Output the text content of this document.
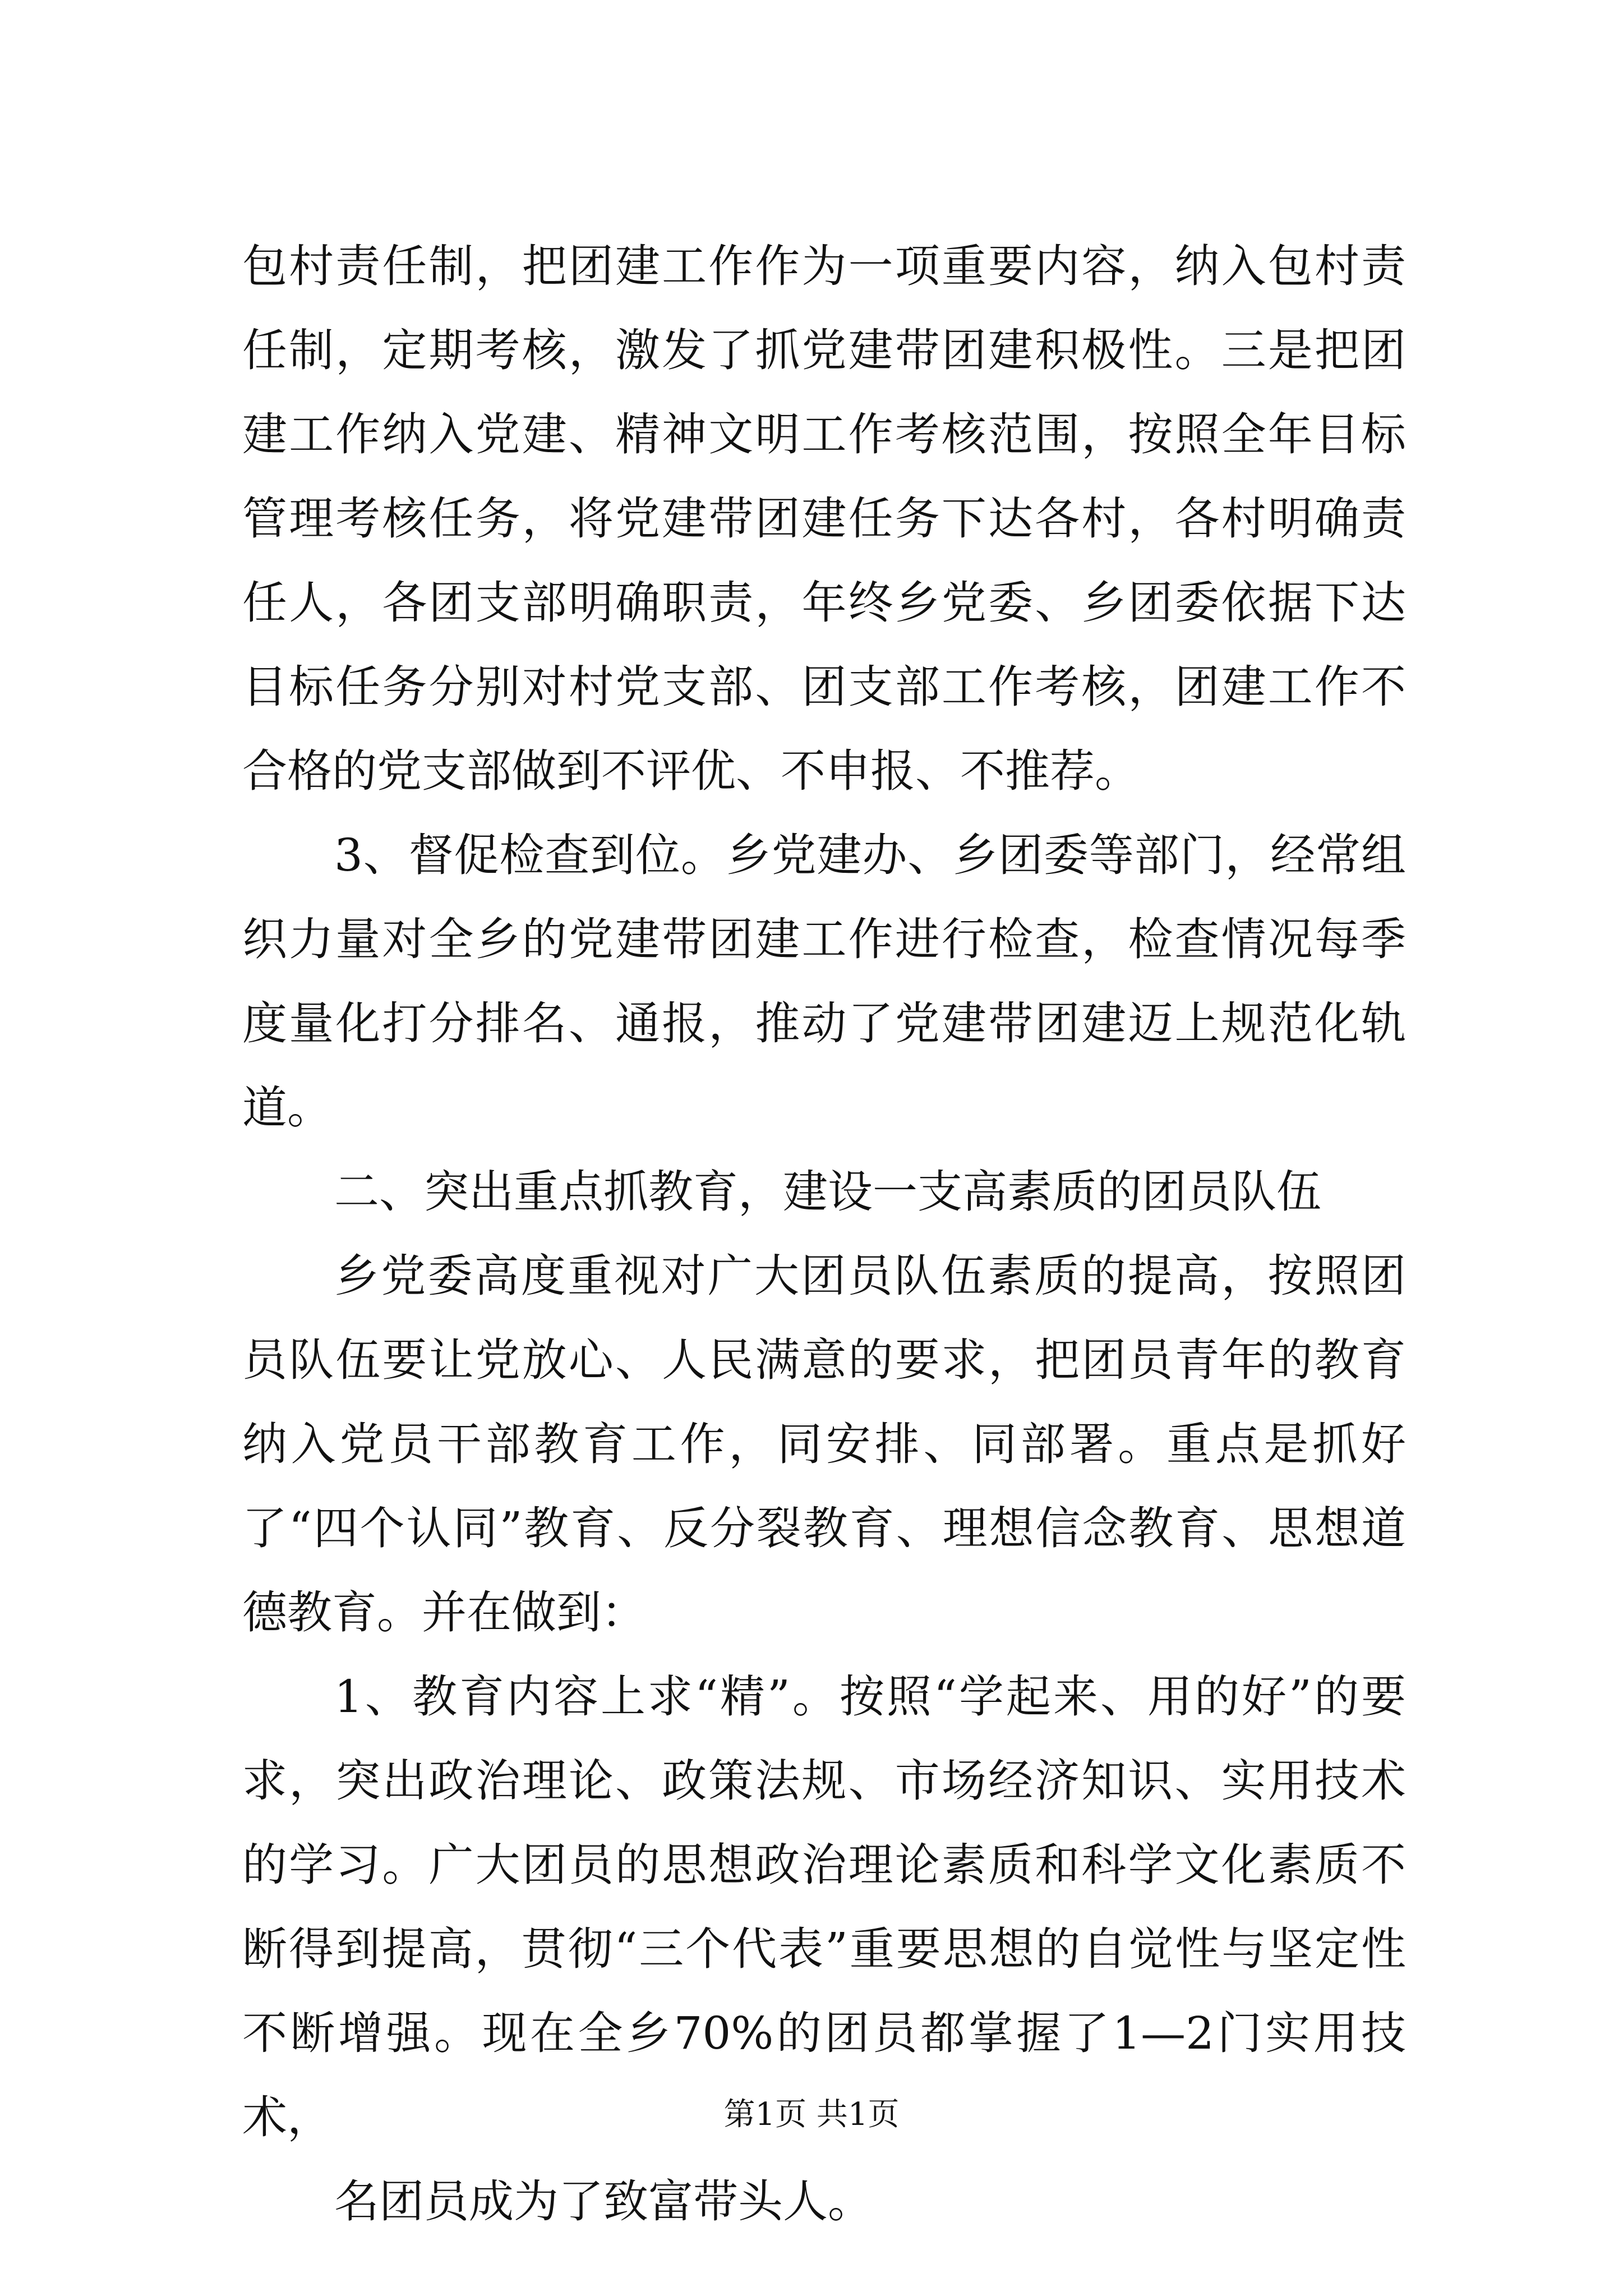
包村责任制，把团建工作作为一项重要内容，纳入包村责任制，定期考核，激发了抓党建带团建积极性。三是把团建工作纳入党建、精神文明工作考核范围，按照全年目标管理考核任务，将党建带团建任务下达各村，各村明确责任人，各团支部明确职责，年终乡党委、乡团委依据下达目标任务分别对村党支部、团支部工作考核，团建工作不合格的党支部做到不评优、不申报、不推荐。

3、督促检查到位。乡党建办、乡团委等部门，经常组织力量对全乡的党建带团建工作进行检查，检查情况每季度量化打分排名、通报，推动了党建带团建迈上规范化轨道。

二、突出重点抓教育，建设一支高素质的团员队伍

乡党委高度重视对广大团员队伍素质的提高，按照团员队伍要让党放心、人民满意的要求，把团员青年的教育纳入党员干部教育工作，同安排、同部署。重点是抓好了“四个认同”教育、反分裂教育、理想信念教育、思想道德教育。并在做到：

1、教育内容上求“精”。按照“学起来、用的好”的要求，突出政治理论、政策法规、市场经济知识、实用技术的学习。广大团员的思想政治理论素质和科学文化素质不断得到提高，贯彻“三个代表”重要思想的自觉性与坚定性不断增强。现在全乡70%的团员都掌握了1—2门实用技术，

名团员成为了致富带头人。

第1页 共1页
